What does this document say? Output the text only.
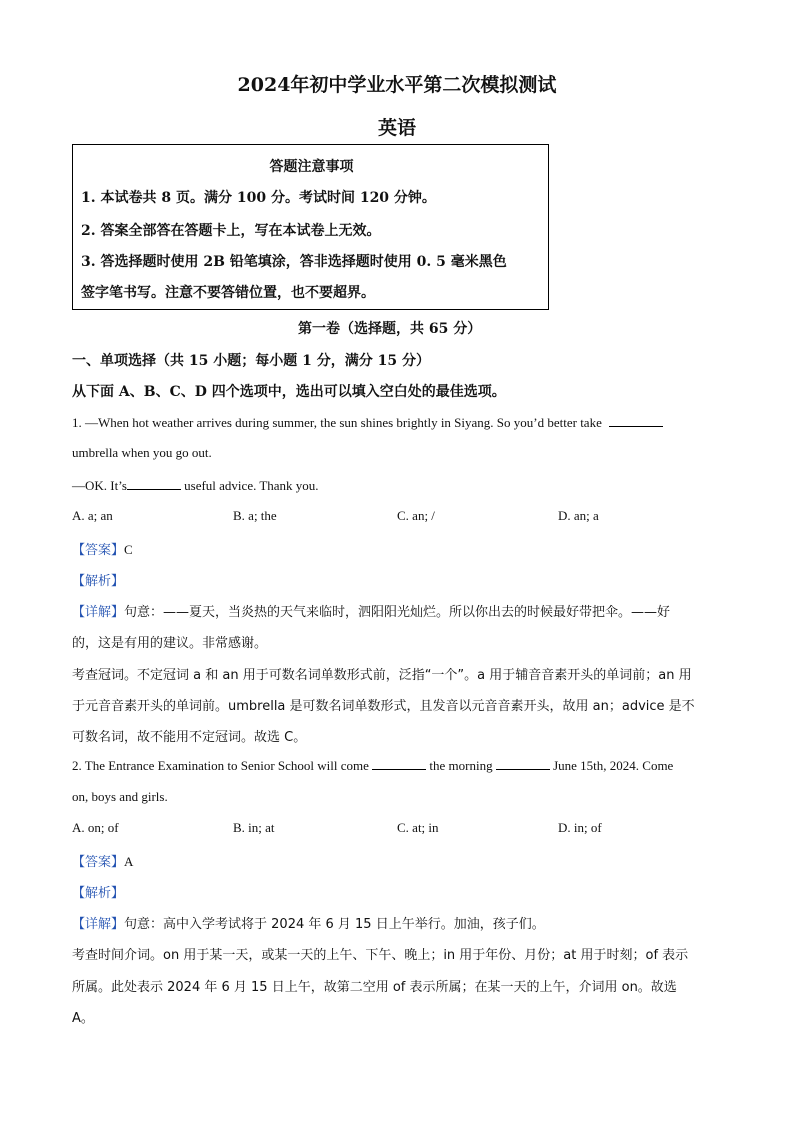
2024年初中学业水平第二次模拟测试
英语
答题注意事项
1. 本试卷共 8 页。满分 100 分。考试时间 120 分钟。
2. 答案全部答在答题卡上，写在本试卷上无效。
3. 答选择题时使用 2B 铅笔填涂，答非选择题时使用 0. 5 毫米黑色
签字笔书写。注意不要答错位置，也不要超界。
第一卷（选择题，共 65 分）
一、单项选择（共 15 小题；每小题 1 分，满分 15 分）
从下面 A、B、C、D 四个选项中，选出可以填入空白处的最佳选项。
1. —When hot weather arrives during summer, the sun shines brightly in Siyang. So you’d better take
umbrella when you go out.
—OK. It’s	useful advice. Thank you.
A. a; an	B. a; the	C. an; /	D. an; a
【答案】C
【解析】
【详解】句意：——夏天，当炎热的天气来临时，泗阳阳光灿烂。所以你出去的时候最好带把伞。——好
的，这是有用的建议。非常感谢。
考查冠词。不定冠词 a 和 an 用于可数名词单数形式前，泛指“一个”。a 用于辅音音素开头的单词前；an 用
于元音音素开头的单词前。umbrella 是可数名词单数形式，且发音以元音音素开头，故用 an；advice 是不
可数名词，故不能用不定冠词。故选 C。
2. The Entrance Examination to Senior School will come	the morning	June 15th, 2024. Come
on, boys and girls.
A. on; of	B. in; at	C. at; in	D. in; of
【答案】A
【解析】
【详解】句意：高中入学考试将于 2024 年 6 月 15 日上午举行。加油，孩子们。
考查时间介词。on 用于某一天，或某一天的上午、下午、晚上；in 用于年份、月份；at 用于时刻；of 表示
所属。此处表示 2024 年 6 月 15 日上午，故第二空用 of 表示所属；在某一天的上午，介词用 on。故选
A。
